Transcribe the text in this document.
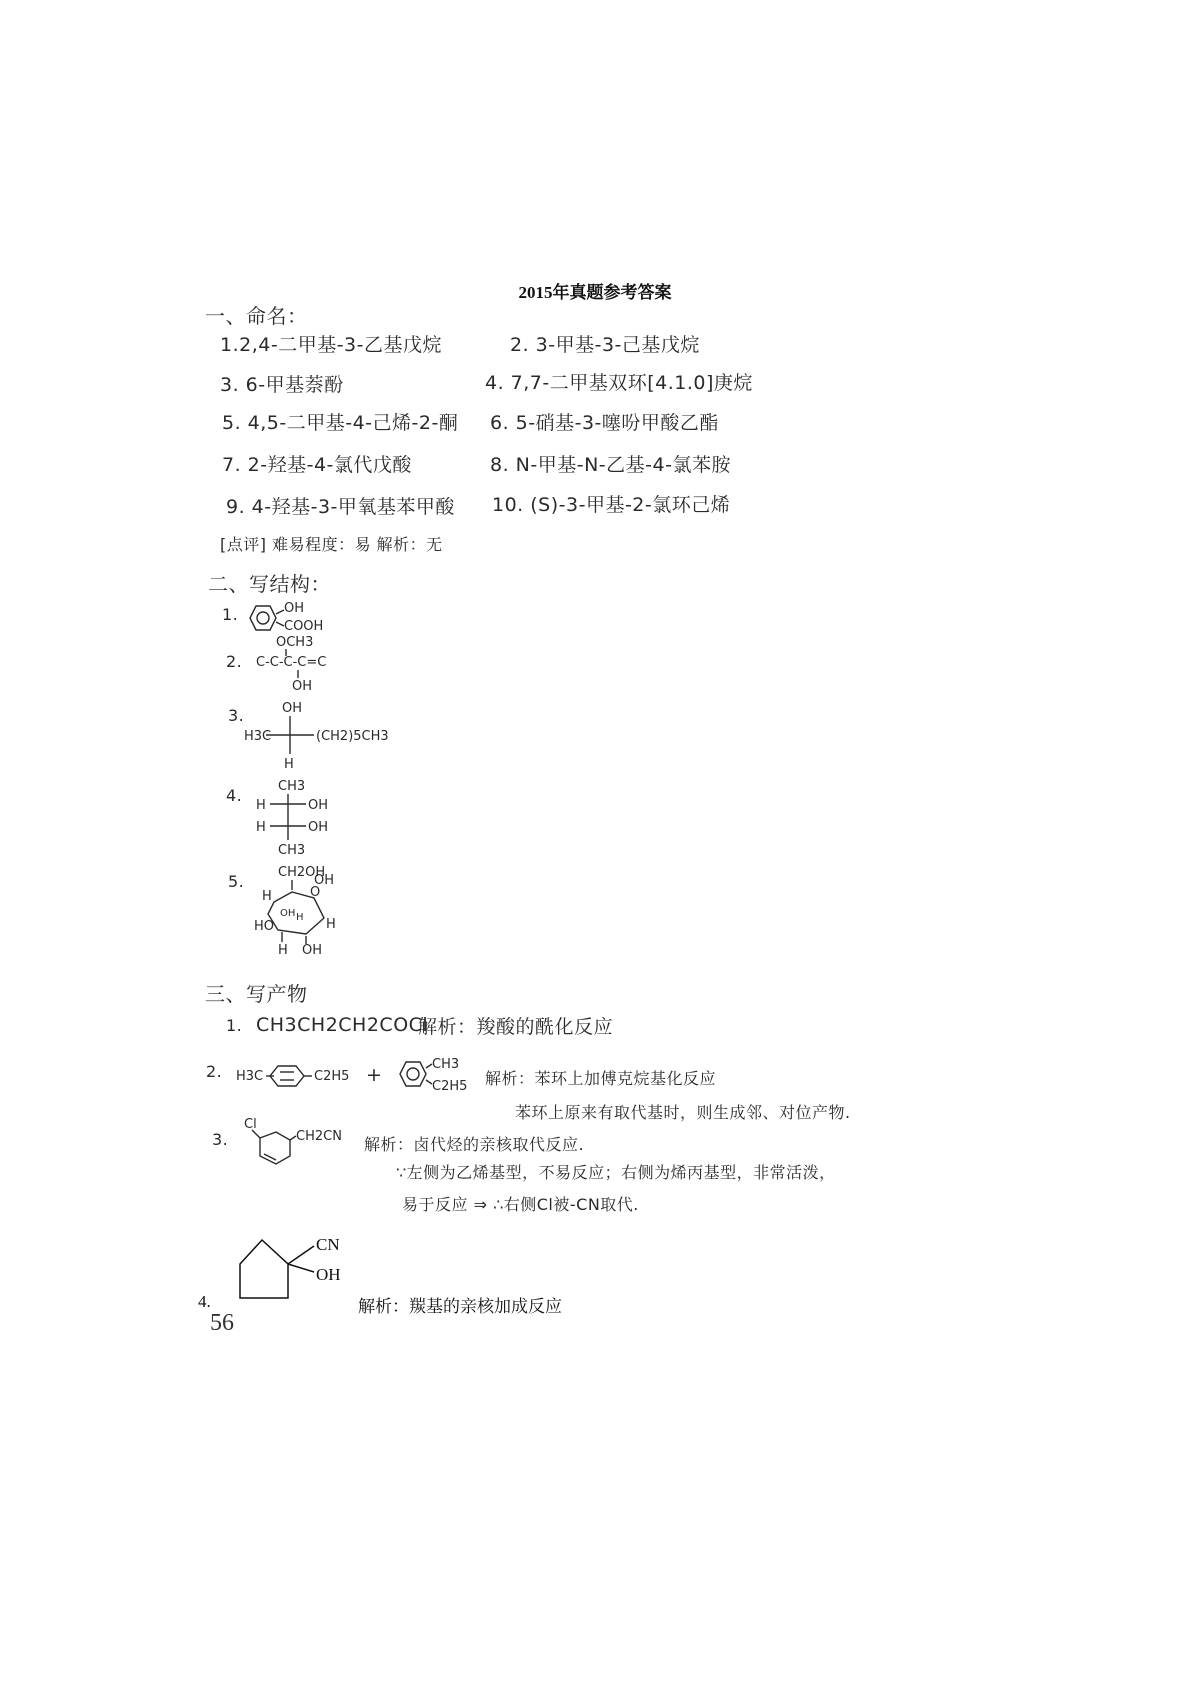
2015年真题参考答案
一、命名：
1.2,4-二甲基-3-乙基戊烷	2. 3-甲基-3-己基戊烷
3. 6-甲基萘酚	4. 7,7-二甲基双环[4.1.0]庚烷
5. 4,5-二甲基-4-己烯-2-酮 6. 5-硝基-3-噻吩甲酸乙酯
7. 2-羟基-4-氯代戊酸	8. N-甲基-N-乙基-4-氯苯胺
9. 4-羟基-3-甲氧基苯甲酸 10. (S)-3-甲基-2-氯环己烯
[点评] 难易程度：易 解析：无
二、写结构：
1.	OH
COOH
2.
OCH3
C-C-C-C=C
OH
3.	OH
H3C	(CH2)5CH3
H
4.	CH3
H	OH
H	OH
CH3
5.	CH2OH
O
OH
H
OH H H
HO
H OH
三、写产物
1. CH3CH2CH2COCl
解析：羧酸的酰化反应
2. H3C	C2H5 +	CH3
C2H5 解析：苯环上加傅克烷基化反应
苯环上原来有取代基时，则生成邻、对位产物.
3.
Cl
CH2CN 解析：卤代烃的亲核取代反应.
∵左侧为乙烯基型，不易反应；右侧为烯丙基型，非常活泼，
易于反应 ⇒ ∴右侧Cl被-CN取代.
CN
OH
4.	解析：羰基的亲核加成反应
56
